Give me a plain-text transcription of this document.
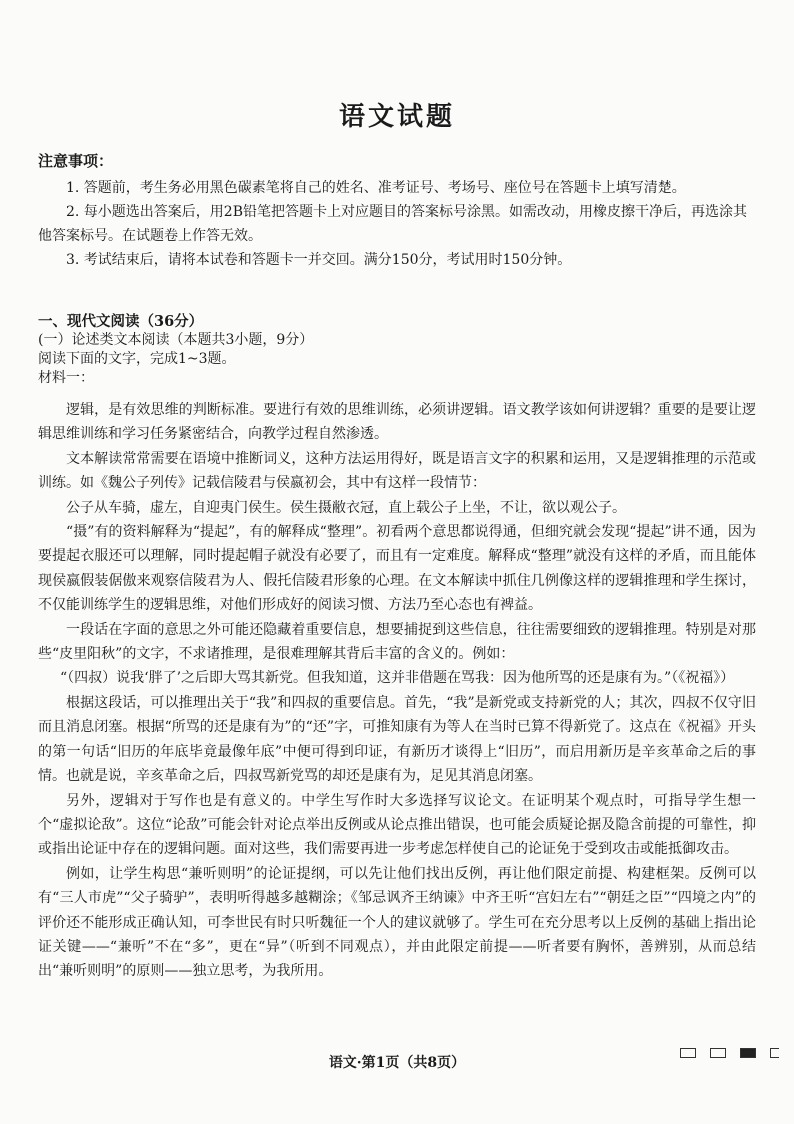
语文试题
注意事项：

1. 答题前，考生务必用黑色碳素笔将自己的姓名、准考证号、考场号、座位号在答题卡上填写清楚。

2. 每小题选出答案后，用2B铅笔把答题卡上对应题目的答案标号涂黑。如需改动，用橡皮擦干净后，再选涂其他答案标号。在试题卷上作答无效。

3. 考试结束后，请将本试卷和答题卡一并交回。满分150分，考试用时150分钟。

一、现代文阅读（36分）
(一）论述类文本阅读（本题共3小题，9分）
阅读下面的文字，完成1~3题。
材料一：

逻辑，是有效思维的判断标准。要进行有效的思维训练，必须讲逻辑。语文教学该如何讲逻辑？重要的是要让逻辑思维训练和学习任务紧密结合，向教学过程自然渗透。

文本解读常常需要在语境中推断词义，这种方法运用得好，既是语言文字的积累和运用，又是逻辑推理的示范或训练。如《魏公子列传》记载信陵君与侯嬴初会，其中有这样一段情节：

公子从车骑，虚左，自迎夷门侯生。侯生摄敝衣冠，直上载公子上坐，不让，欲以观公子。

“摄”有的资料解释为“提起”，有的解释成“整理”。初看两个意思都说得通，但细究就会发现“提起”讲不通，因为要提起衣服还可以理解，同时提起帽子就没有必要了，而且有一定难度。解释成“整理”就没有这样的矛盾，而且能体现侯嬴假装倨傲来观察信陵君为人、假托信陵君形象的心理。在文本解读中抓住几例像这样的逻辑推理和学生探讨，不仅能训练学生的逻辑思维，对他们形成好的阅读习惯、方法乃至心态也有裨益。

一段话在字面的意思之外可能还隐藏着重要信息，想要捕捉到这些信息，往往需要细致的逻辑推理。特别是对那些“皮里阳秋”的文字，不求诸推理，是很难理解其背后丰富的含义的。例如：

“（四叔）说我‘胖了’之后即大骂其新党。但我知道，这并非借题在骂我：因为他所骂的还是康有为。”（《祝福》）

根据这段话，可以推理出关于“我”和四叔的重要信息。首先，“我”是新党或支持新党的人；其次，四叔不仅守旧而且消息闭塞。根据“所骂的还是康有为”的“还”字，可推知康有为等人在当时已算不得新党了。这点在《祝福》开头的第一句话“旧历的年底毕竟最像年底”中便可得到印证，有新历才谈得上“旧历”，而启用新历是辛亥革命之后的事情。也就是说，辛亥革命之后，四叔骂新党骂的却还是康有为，足见其消息闭塞。

另外，逻辑对于写作也是有意义的。中学生写作时大多选择写议论文。在证明某个观点时，可指导学生想一个“虚拟论敌”。这位“论敌”可能会针对论点举出反例或从论点推出错误，也可能会质疑论据及隐含前提的可靠性，抑或指出论证中存在的逻辑问题。面对这些，我们需要再进一步考虑怎样使自己的论证免于受到攻击或能抵御攻击。

例如，让学生构思“兼听则明”的论证提纲，可以先让他们找出反例，再让他们限定前提、构建框架。反例可以有“三人市虎”“父子骑驴”，表明听得越多越糊涂；《邹忌讽齐王纳谏》中齐王听“宫妇左右”“朝廷之臣”“四境之内”的评价还不能形成正确认知，可李世民有时只听魏征一个人的建议就够了。学生可在充分思考以上反例的基础上指出论证关键——“兼听”不在“多”，更在“异”（听到不同观点），并由此限定前提——听者要有胸怀，善辨别，从而总结出“兼听则明”的原则——独立思考，为我所用。

语文·第1页（共8页）
